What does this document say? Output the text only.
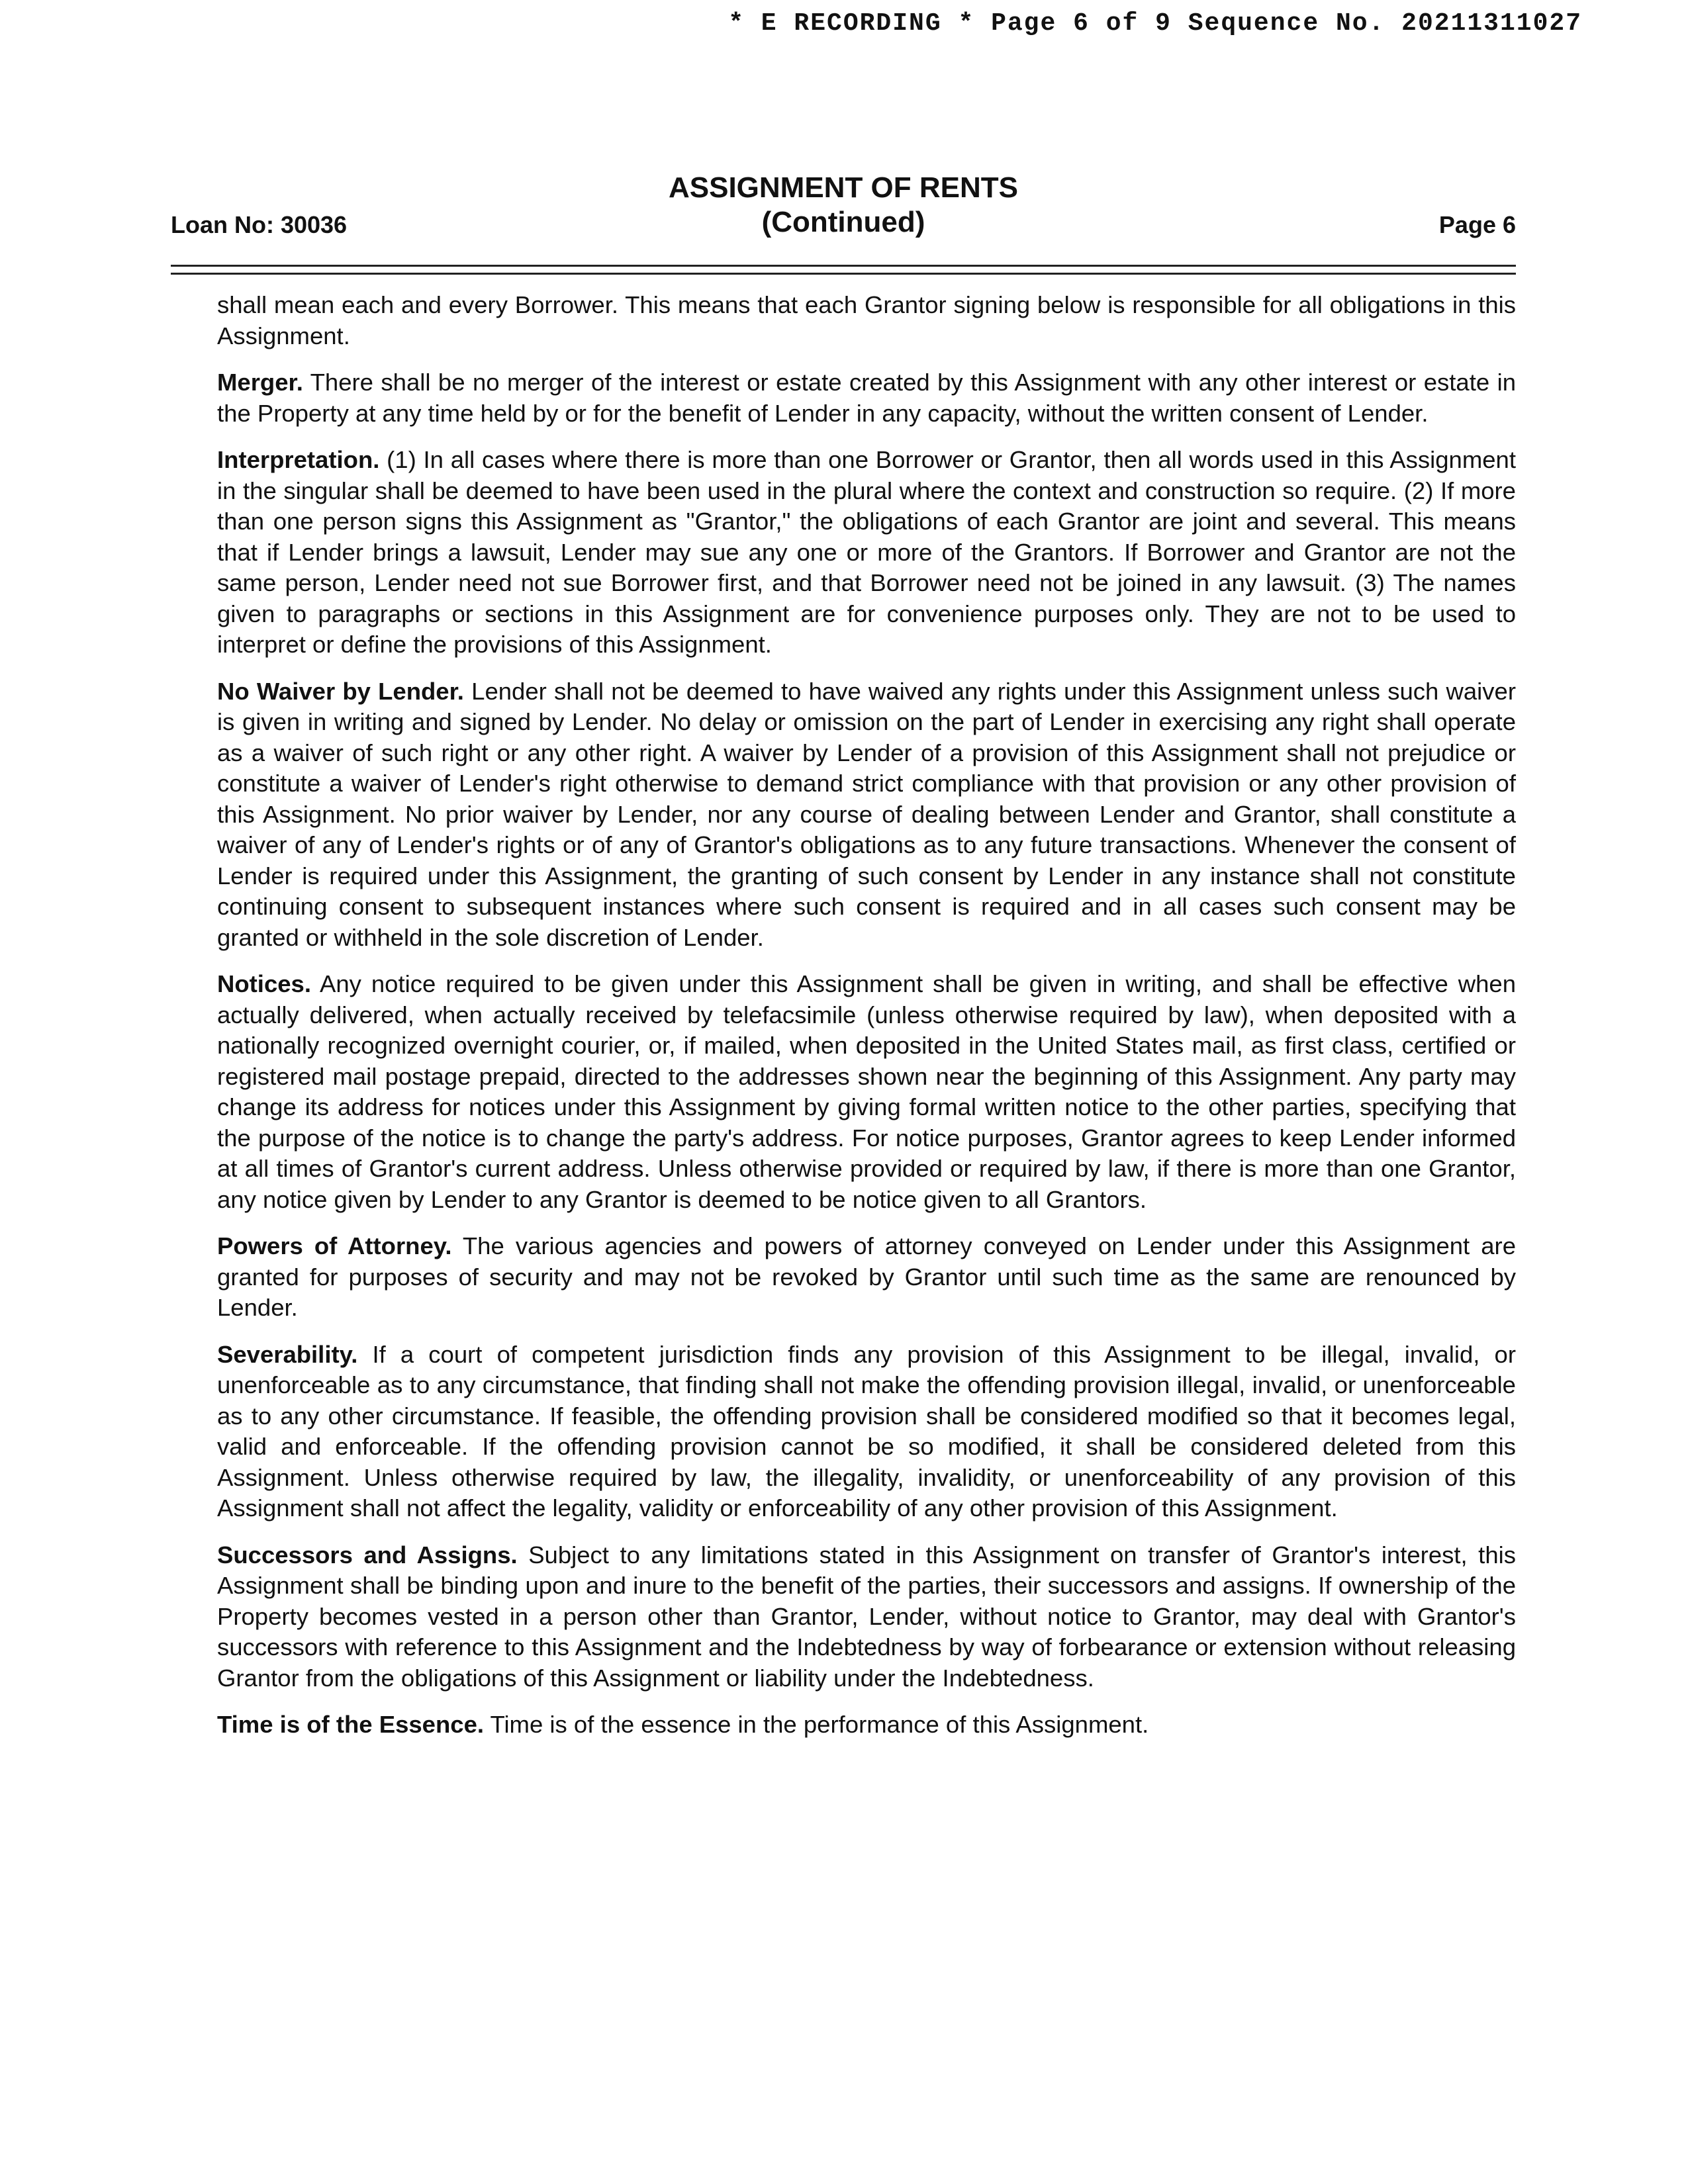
* E RECORDING * Page 6 of 9 Sequence No. 20211311027
ASSIGNMENT OF RENTS
(Continued)
Loan No: 30036	Page 6

shall mean each and every Borrower. This means that each Grantor signing below is responsible for all obligations in this Assignment.

Merger. There shall be no merger of the interest or estate created by this Assignment with any other interest or estate in the Property at any time held by or for the benefit of Lender in any capacity, without the written consent of Lender.

Interpretation. (1) In all cases where there is more than one Borrower or Grantor, then all words used in this Assignment in the singular shall be deemed to have been used in the plural where the context and construction so require. (2) If more than one person signs this Assignment as "Grantor," the obligations of each Grantor are joint and several. This means that if Lender brings a lawsuit, Lender may sue any one or more of the Grantors. If Borrower and Grantor are not the same person, Lender need not sue Borrower first, and that Borrower need not be joined in any lawsuit. (3) The names given to paragraphs or sections in this Assignment are for convenience purposes only. They are not to be used to interpret or define the provisions of this Assignment.

No Waiver by Lender. Lender shall not be deemed to have waived any rights under this Assignment unless such waiver is given in writing and signed by Lender. No delay or omission on the part of Lender in exercising any right shall operate as a waiver of such right or any other right. A waiver by Lender of a provision of this Assignment shall not prejudice or constitute a waiver of Lender's right otherwise to demand strict compliance with that provision or any other provision of this Assignment. No prior waiver by Lender, nor any course of dealing between Lender and Grantor, shall constitute a waiver of any of Lender's rights or of any of Grantor's obligations as to any future transactions. Whenever the consent of Lender is required under this Assignment, the granting of such consent by Lender in any instance shall not constitute continuing consent to subsequent instances where such consent is required and in all cases such consent may be granted or withheld in the sole discretion of Lender.

Notices. Any notice required to be given under this Assignment shall be given in writing, and shall be effective when actually delivered, when actually received by telefacsimile (unless otherwise required by law), when deposited with a nationally recognized overnight courier, or, if mailed, when deposited in the United States mail, as first class, certified or registered mail postage prepaid, directed to the addresses shown near the beginning of this Assignment. Any party may change its address for notices under this Assignment by giving formal written notice to the other parties, specifying that the purpose of the notice is to change the party's address. For notice purposes, Grantor agrees to keep Lender informed at all times of Grantor's current address. Unless otherwise provided or required by law, if there is more than one Grantor, any notice given by Lender to any Grantor is deemed to be notice given to all Grantors.

Powers of Attorney. The various agencies and powers of attorney conveyed on Lender under this Assignment are granted for purposes of security and may not be revoked by Grantor until such time as the same are renounced by Lender.

Severability. If a court of competent jurisdiction finds any provision of this Assignment to be illegal, invalid, or unenforceable as to any circumstance, that finding shall not make the offending provision illegal, invalid, or unenforceable as to any other circumstance. If feasible, the offending provision shall be considered modified so that it becomes legal, valid and enforceable. If the offending provision cannot be so modified, it shall be considered deleted from this Assignment. Unless otherwise required by law, the illegality, invalidity, or unenforceability of any provision of this Assignment shall not affect the legality, validity or enforceability of any other provision of this Assignment.

Successors and Assigns. Subject to any limitations stated in this Assignment on transfer of Grantor's interest, this Assignment shall be binding upon and inure to the benefit of the parties, their successors and assigns. If ownership of the Property becomes vested in a person other than Grantor, Lender, without notice to Grantor, may deal with Grantor's successors with reference to this Assignment and the Indebtedness by way of forbearance or extension without releasing Grantor from the obligations of this Assignment or liability under the Indebtedness.

Time is of the Essence. Time is of the essence in the performance of this Assignment.
